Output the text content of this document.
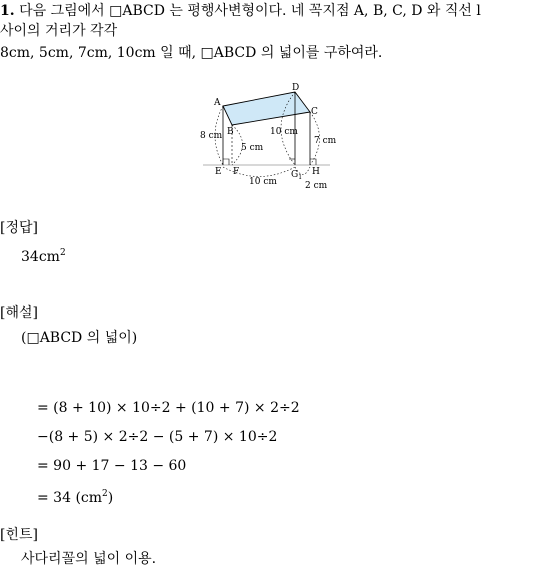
1. 다음 그림에서 □ABCD 는 평행사변형이다. 네 꼭지점 A, B, C, D 와 직선 l
사이의 거리가 각각
8cm, 5cm, 7cm, 10cm 일 때, □ABCD 의 넓이를 구하여라.
A
B
C
D
E F	$G_1$
H
8 cm
5 cm
10 cm
7 cm
10 cm	2 cm
[정답]
$34cm^2$
[해설]
(□ABCD 의 넓이)
= (8 + 10) × 10÷2 + (10 + 7) × 2÷2
−(8 + 5) × 2÷2 − (5 + 7) × 10÷2
= 90 + 17 − 13 − 60
= 34 $(cm^2)$
[힌트]
사다리꼴의 넓이 이용.
